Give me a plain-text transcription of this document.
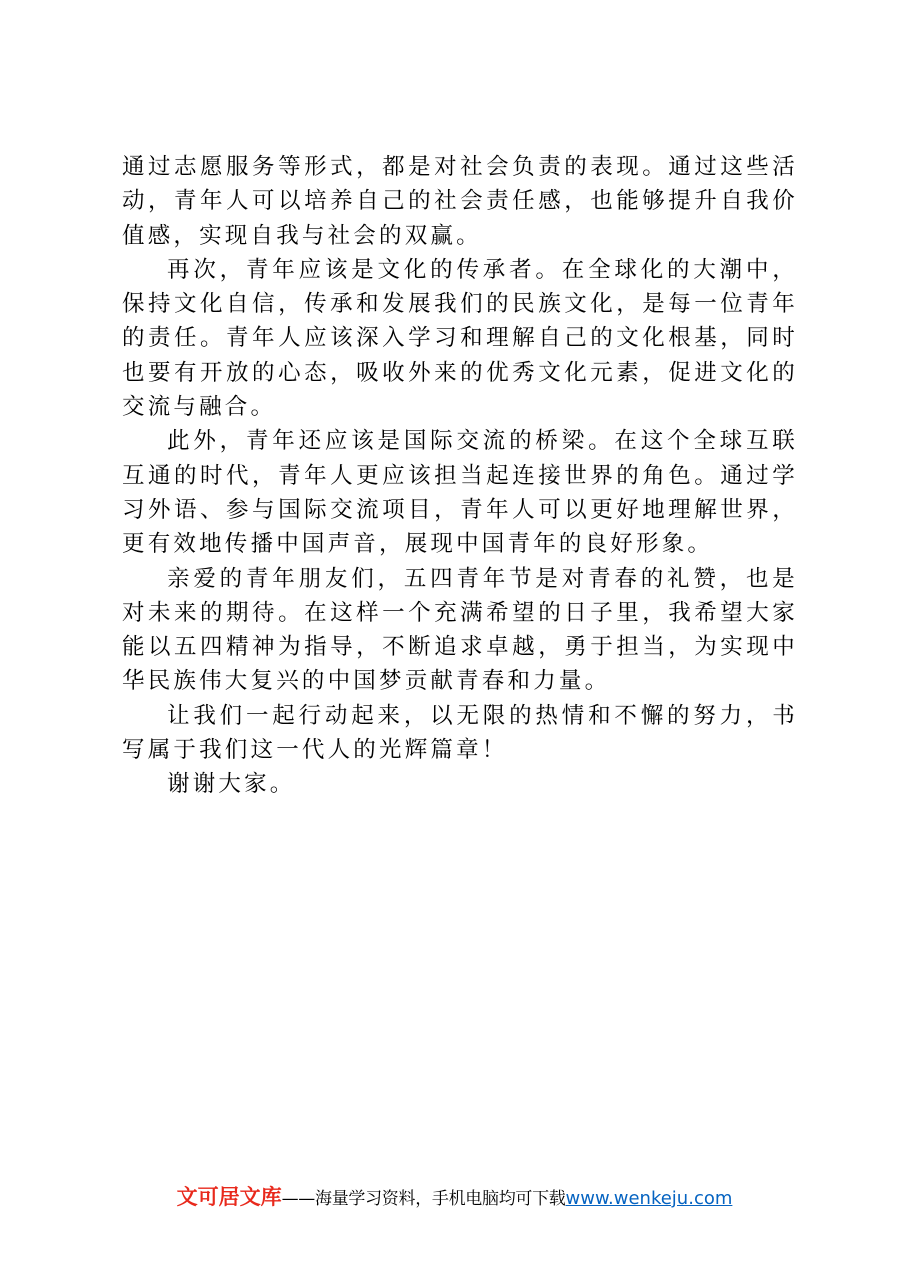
通过志愿服务等形式，都是对社会负责的表现。通过这些活动，青年人可以培养自己的社会责任感，也能够提升自我价值感，实现自我与社会的双赢。

再次，青年应该是文化的传承者。在全球化的大潮中，保持文化自信，传承和发展我们的民族文化，是每一位青年的责任。青年人应该深入学习和理解自己的文化根基，同时也要有开放的心态，吸收外来的优秀文化元素，促进文化的交流与融合。

此外，青年还应该是国际交流的桥梁。在这个全球互联互通的时代，青年人更应该担当起连接世界的角色。通过学习外语、参与国际交流项目，青年人可以更好地理解世界，更有效地传播中国声音，展现中国青年的良好形象。

亲爱的青年朋友们，五四青年节是对青春的礼赞，也是对未来的期待。在这样一个充满希望的日子里，我希望大家能以五四精神为指导，不断追求卓越，勇于担当，为实现中华民族伟大复兴的中国梦贡献青春和力量。

让我们一起行动起来，以无限的热情和不懈的努力，书写属于我们这一代人的光辉篇章！

谢谢大家。

文可居文库——海量学习资料，手机电脑均可下载www.wenkeju.com
